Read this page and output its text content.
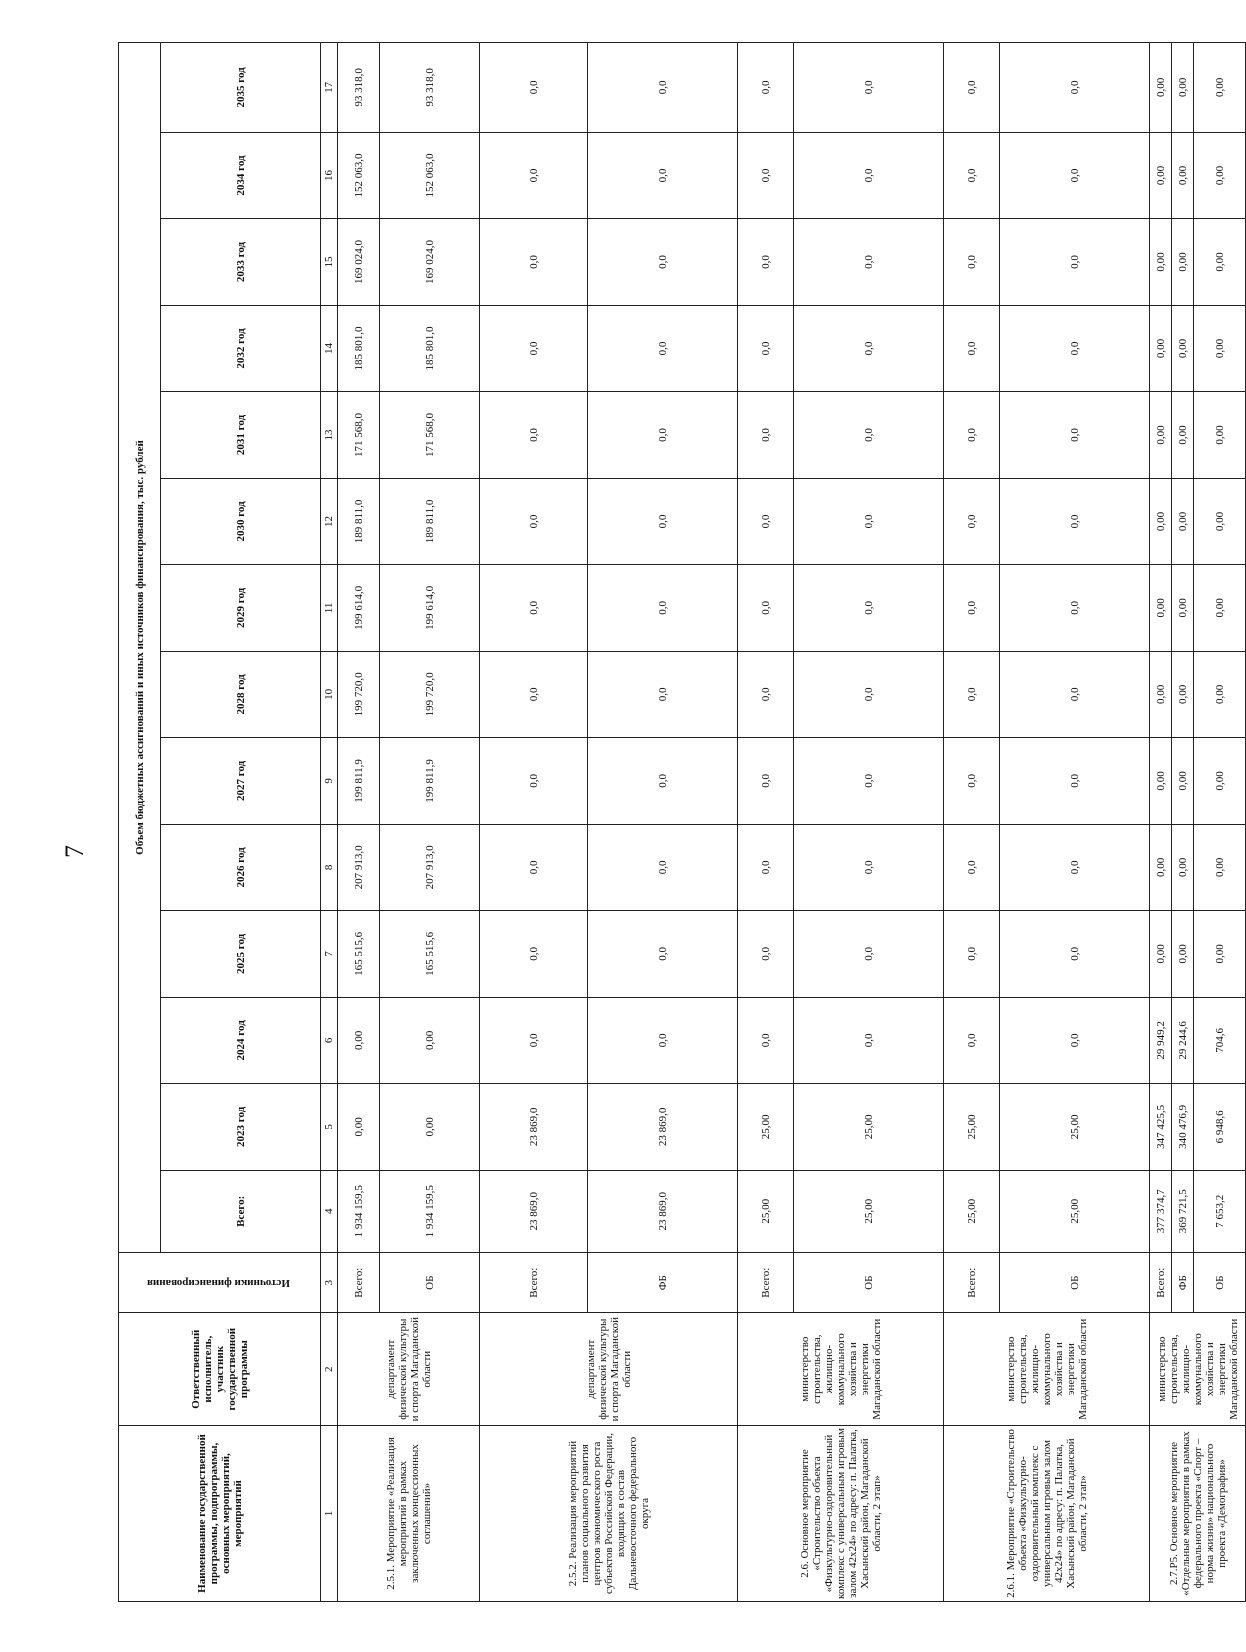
7
Наименование государственной программы, подпрограммы, основных мероприятий, мероприятий	Ответственный исполнитель, участник государственной программы	Источники финансирования	Объем бюджетных ассигнований и иных источников финансирования, тыс. рублей													
			Всего:	2023 год	2024 год	2025 год	2026 год	2027 год	2028 год	2029 год	2030 год	2031 год	2032 год	2033 год	2034 год	2035 год
1	2	3	4	5	6	7	8	9	10	11	12	13	14	15	16	17
2.5.1. Мероприятие «Реализация мероприятий в рамках заключенных концессионных соглашений»	департамент физической культуры и спорта Магаданской области	Всего:	1 934 159,5	0,00	0,00	165 515,6	207 913,0	199 811,9	199 720,0	199 614,0	189 811,0	171 568,0	185 801,0	169 024,0	152 063,0	93 318,0
		ОБ	1 934 159,5	0,00	0,00	165 515,6	207 913,0	199 811,9	199 720,0	199 614,0	189 811,0	171 568,0	185 801,0	169 024,0	152 063,0	93 318,0
2.5.2. Реализация мероприятий планов социального развития центров экономического роста субъектов Российской Федерации, входящих в состав Дальневосточного федерального округа	департамент физической культуры и спорта Магаданской области	Всего:	23 869,0	23 869,0	0,0	0,0	0,0	0,0	0,0	0,0	0,0	0,0	0,0	0,0	0,0	0,0
		ФБ	23 869,0	23 869,0	0,0	0,0	0,0	0,0	0,0	0,0	0,0	0,0	0,0	0,0	0,0	0,0
2.6. Основное мероприятие «Строительство объекта «Физкультурно-оздоровительный комплекс с универсальным игровым залом 42х24» по адресу: п. Палатка, Хасынский район, Магаданской области, 2 этап»	министерство строительства, жилищно-коммунального хозяйства и энергетики Магаданской области	Всего:	25,00	25,00	0,0	0,0	0,0	0,0	0,0	0,0	0,0	0,0	0,0	0,0	0,0	0,0
		ОБ	25,00	25,00	0,0	0,0	0,0	0,0	0,0	0,0	0,0	0,0	0,0	0,0	0,0	0,0
2.6.1. Мероприятие «Строительство объекта «Физкультурно-оздоровительный комплекс с универсальным игровым залом 42х24» по адресу: п. Палатка, Хасынский район, Магаданской области, 2 этап»	министерство строительства, жилищно-коммунального хозяйства и энергетики Магаданской области	Всего:	25,00	25,00	0,0	0,0	0,0	0,0	0,0	0,0	0,0	0,0	0,0	0,0	0,0	0,0
		ОБ	25,00	25,00	0,0	0,0	0,0	0,0	0,0	0,0	0,0	0,0	0,0	0,0	0,0	0,0
2.7.Р5. Основное мероприятие «Отдельные мероприятия в рамках федерального проекта «Спорт – норма жизни» национального проекта «Демография»	министерство строительства, жилищно-коммунального хозяйства и энергетики Магаданской области	Всего:	377 374,7	347 425,5	29 949,2	0,00	0,00	0,00	0,00	0,00	0,00	0,00	0,00	0,00	0,00	0,00
		ФБ	369 721,5	340 476,9	29 244,6	0,00	0,00	0,00	0,00	0,00	0,00	0,00	0,00	0,00	0,00	0,00
		ОБ	7 653,2	6 948,6	704,6	0,00	0,00	0,00	0,00	0,00	0,00	0,00	0,00	0,00	0,00	0,00
